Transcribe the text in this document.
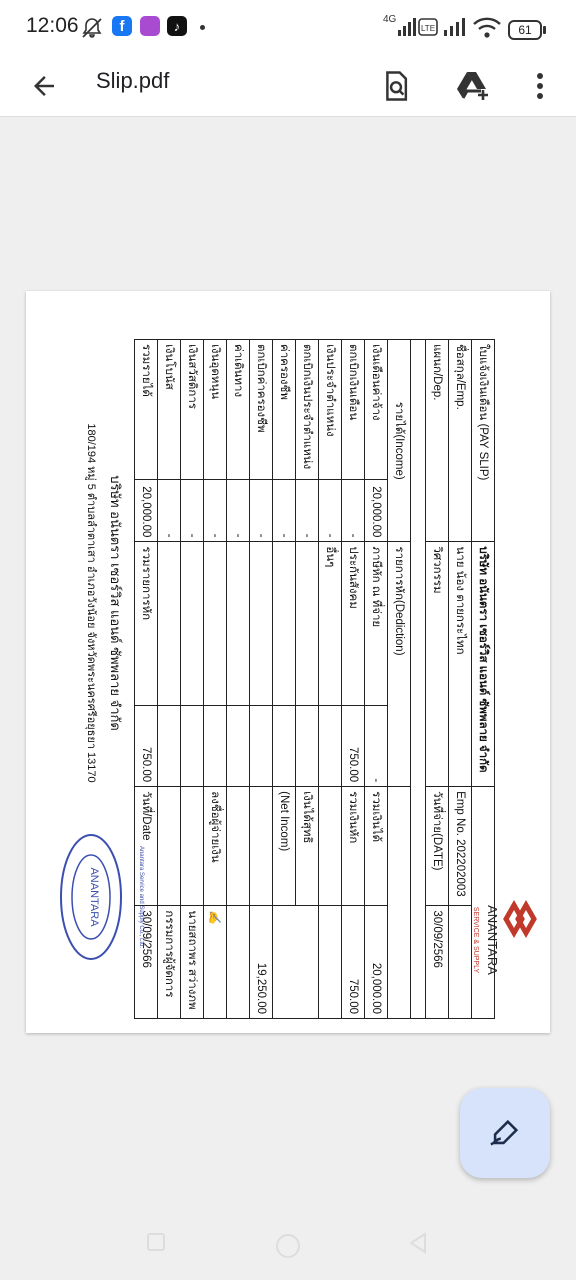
12:06	f	♪	4G
LTE	61
Slip.pdf
ANANTARA
SERVICE & SUPPLY
บริษัท อนันตรา เซอร์วิส แอนด์ ซัพพลาย จำกัด
180/194 หมู่ 5 ตำบลลำตาเสา อำเภอวังน้อย จังหวัดพระนครศรีอยุธยา 13170
ใบแจ้งเงินเดือน (PAY SLIP)		บริษัท อนันตรา เซอร์วิส แอนด์ ซัพพลาย จำกัด			
ชื่อสกุล/Emp.		นาย น้อง ตายกระไทก		Emp No. 202202003	
แผนก/Dep.		วิศวกรรม		วันที่จ่าย(DATE)	30/09/2566

รายได้(Income)		รายการหัก(Dediction)			
เงินเดือนค่าจ้าง	20,000.00	ภาษีหัก ณ ที่จ่าย	-	รวมเงินได้	20,000.00
ตกเบิกเงินเดือน	-	ประกันสังคม	750.00	รวมเงินหัก	750.00
เงินประจำตำแหน่ง	-	อื่นๆ			
ตกเบิกเงินประจำตำแหน่ง	-			เงินได้สุทธิ	
ค่าครองชีพ	-			(Net Incom)	
ตกเบิกค่าครองชีพ	-				19,250.00
ค่าเดินทาง	-				
เงินอุดหนุน	-			ลงชื่อผู้จ่ายเงิน	✍
เงินสวัสดิการ	-				นายสถาพร สว่างภพ
เงินโบนัส	-				กรรมการผู้จัดการ
รวมรายได้	20,000.00	รวมรายการหัก	750.00	วันที่/Date	30/09/2566
ANANTARA	Anantara Service and Supply Co., Ltd.
